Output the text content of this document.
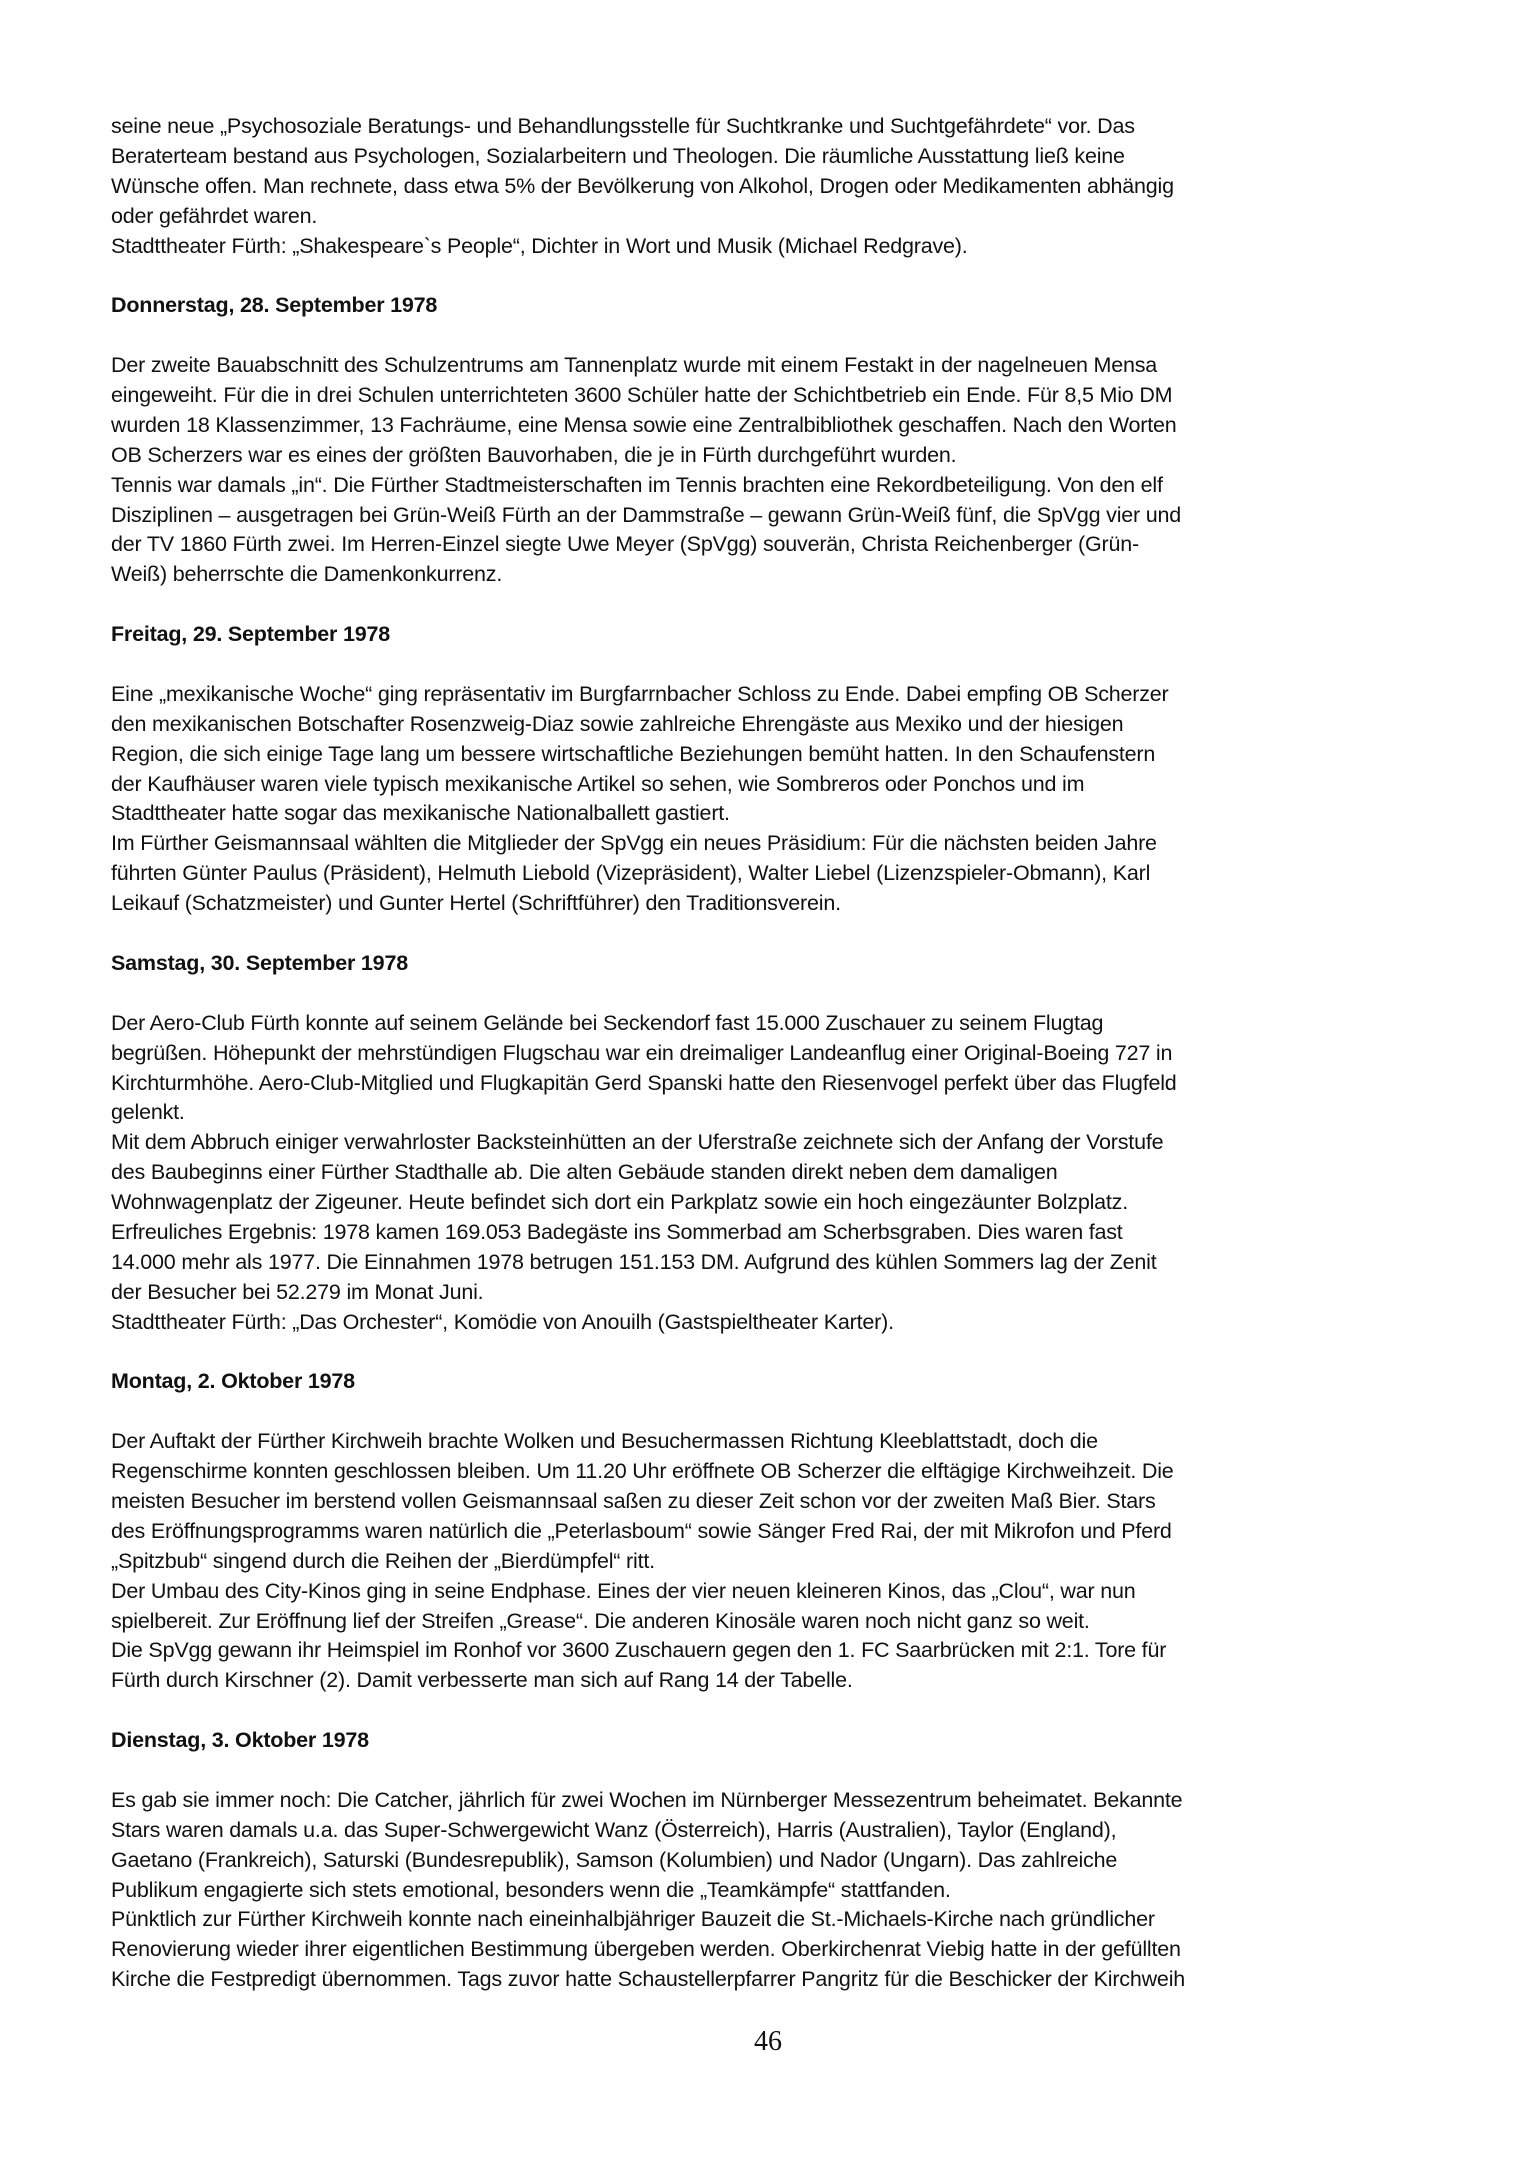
seine neue „Psychosoziale Beratungs- und Behandlungsstelle für Suchtkranke und Suchtgefährdete“ vor. Das
Beraterteam bestand aus Psychologen, Sozialarbeitern und Theologen. Die räumliche Ausstattung ließ keine
Wünsche offen. Man rechnete, dass etwa 5% der Bevölkerung von Alkohol, Drogen oder Medikamenten abhängig
oder gefährdet waren.
Stadttheater Fürth: „Shakespeare`s People“, Dichter in Wort und Musik (Michael Redgrave).
Donnerstag, 28. September 1978
Der zweite Bauabschnitt des Schulzentrums am Tannenplatz wurde mit einem Festakt in der nagelneuen Mensa
eingeweiht. Für die in drei Schulen unterrichteten 3600 Schüler hatte der Schichtbetrieb ein Ende. Für 8,5 Mio DM
wurden 18 Klassenzimmer, 13 Fachräume, eine Mensa sowie eine Zentralbibliothek geschaffen. Nach den Worten
OB Scherzers war es eines der größten Bauvorhaben, die je in Fürth durchgeführt wurden.
Tennis war damals „in“. Die Fürther Stadtmeisterschaften im Tennis brachten eine Rekordbeteiligung. Von den elf
Disziplinen – ausgetragen bei Grün-Weiß Fürth an der Dammstraße – gewann Grün-Weiß fünf, die SpVgg vier und
der TV 1860 Fürth zwei. Im Herren-Einzel siegte Uwe Meyer (SpVgg) souverän, Christa Reichenberger (Grün-
Weiß) beherrschte die Damenkonkurrenz.
Freitag, 29. September 1978
Eine „mexikanische Woche“ ging repräsentativ im Burgfarrnbacher Schloss zu Ende. Dabei empfing OB Scherzer
den mexikanischen Botschafter Rosenzweig-Diaz sowie zahlreiche Ehrengäste aus Mexiko und der hiesigen
Region, die sich einige Tage lang um bessere wirtschaftliche Beziehungen bemüht hatten. In den Schaufenstern
der Kaufhäuser waren viele typisch mexikanische Artikel so sehen, wie Sombreros oder Ponchos und im
Stadttheater hatte sogar das mexikanische Nationalballett gastiert.
Im Fürther Geismannsaal wählten die Mitglieder der SpVgg ein neues Präsidium: Für die nächsten beiden Jahre
führten Günter Paulus (Präsident), Helmuth Liebold (Vizepräsident), Walter Liebel (Lizenzspieler-Obmann), Karl
Leikauf (Schatzmeister) und Gunter Hertel (Schriftführer) den Traditionsverein.
Samstag, 30. September 1978
Der Aero-Club Fürth konnte auf seinem Gelände bei Seckendorf fast 15.000 Zuschauer zu seinem Flugtag
begrüßen. Höhepunkt der mehrstündigen Flugschau war ein dreimaliger Landeanflug einer Original-Boeing 727 in
Kirchturmhöhe. Aero-Club-Mitglied und Flugkapitän Gerd Spanski hatte den Riesenvogel perfekt über das Flugfeld
gelenkt.
Mit dem Abbruch einiger verwahrloster Backsteinhütten an der Uferstraße zeichnete sich der Anfang der Vorstufe
des Baubeginns einer Fürther Stadthalle ab. Die alten Gebäude standen direkt neben dem damaligen
Wohnwagenplatz der Zigeuner. Heute befindet sich dort ein Parkplatz sowie ein hoch eingezäunter Bolzplatz.
Erfreuliches Ergebnis: 1978 kamen 169.053 Badegäste ins Sommerbad am Scherbsgraben. Dies waren fast
14.000 mehr als 1977. Die Einnahmen 1978 betrugen 151.153 DM. Aufgrund des kühlen Sommers lag der Zenit
der Besucher bei 52.279 im Monat Juni.
Stadttheater Fürth: „Das Orchester“, Komödie von Anouilh (Gastspieltheater Karter).
Montag, 2. Oktober 1978
Der Auftakt der Fürther Kirchweih brachte Wolken und Besuchermassen Richtung Kleeblattstadt, doch die
Regenschirme konnten geschlossen bleiben. Um 11.20 Uhr eröffnete OB Scherzer die elftägige Kirchweihzeit. Die
meisten Besucher im berstend vollen Geismannsaal saßen zu dieser Zeit schon vor der zweiten Maß Bier. Stars
des Eröffnungsprogramms waren natürlich die „Peterlasboum“ sowie Sänger Fred Rai, der mit Mikrofon und Pferd
„Spitzbub“ singend durch die Reihen der „Bierdümpfel“ ritt.
Der Umbau des City-Kinos ging in seine Endphase. Eines der vier neuen kleineren Kinos, das „Clou“, war nun
spielbereit. Zur Eröffnung lief der Streifen „Grease“. Die anderen Kinosäle waren noch nicht ganz so weit.
Die SpVgg gewann ihr Heimspiel im Ronhof vor 3600 Zuschauern gegen den 1. FC Saarbrücken mit 2:1. Tore für
Fürth durch Kirschner (2). Damit verbesserte man sich auf Rang 14 der Tabelle.
Dienstag, 3. Oktober 1978
Es gab sie immer noch: Die Catcher, jährlich für zwei Wochen im Nürnberger Messezentrum beheimatet. Bekannte
Stars waren damals u.a. das Super-Schwergewicht Wanz (Österreich), Harris (Australien), Taylor (England),
Gaetano (Frankreich), Saturski (Bundesrepublik), Samson (Kolumbien) und Nador (Ungarn). Das zahlreiche
Publikum engagierte sich stets emotional, besonders wenn die „Teamkämpfe“ stattfanden.
Pünktlich zur Fürther Kirchweih konnte nach eineinhalbjähriger Bauzeit die St.-Michaels-Kirche nach gründlicher
Renovierung wieder ihrer eigentlichen Bestimmung übergeben werden. Oberkirchenrat Viebig hatte in der gefüllten
Kirche die Festpredigt übernommen. Tags zuvor hatte Schaustellerpfarrer Pangritz für die Beschicker der Kirchweih
46
